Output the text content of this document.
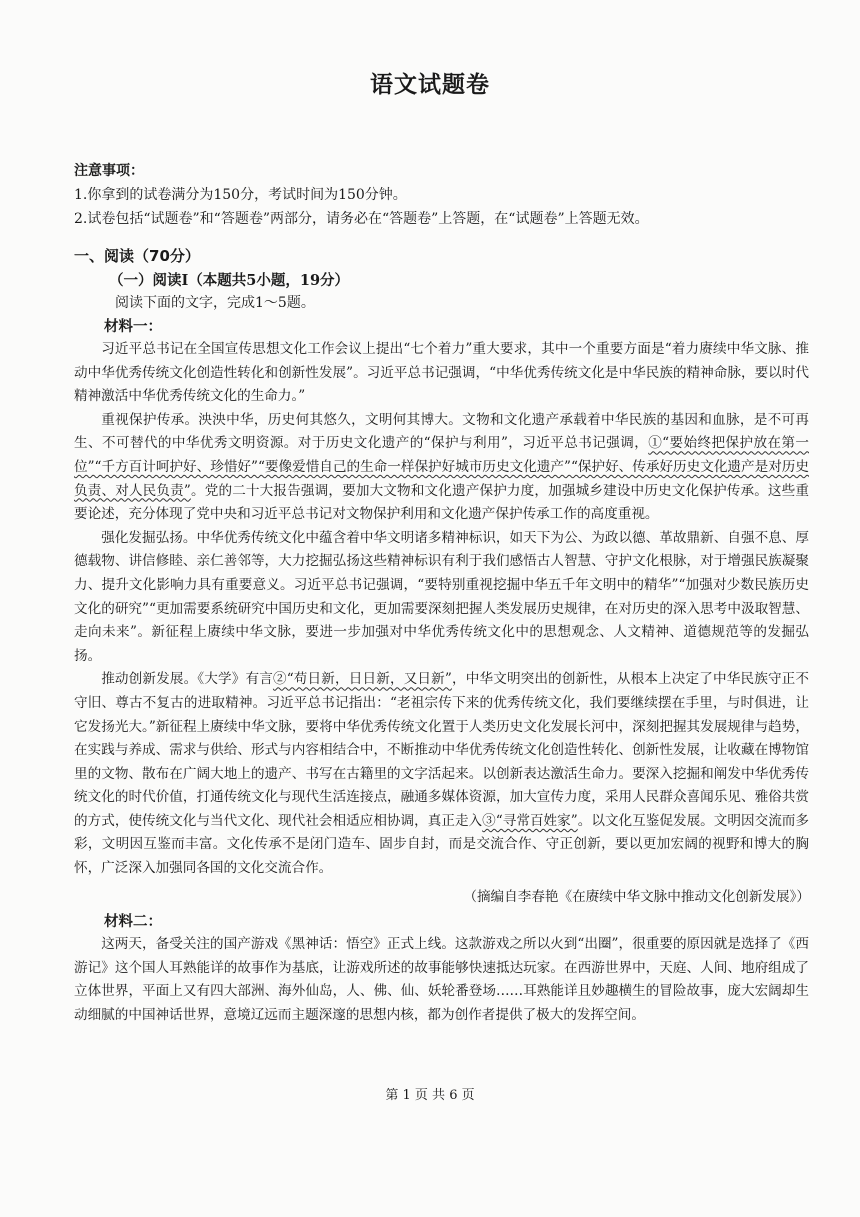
语文试题卷
注意事项：
1.你拿到的试卷满分为150分，考试时间为150分钟。
2.试卷包括“试题卷”和“答题卷”两部分，请务必在“答题卷”上答题，在“试题卷”上答题无效。
一、阅读（70分）
（一）阅读Ⅰ（本题共5小题，19分）
阅读下面的文字，完成1～5题。
材料一：

习近平总书记在全国宣传思想文化工作会议上提出“七个着力”重大要求，其中一个重要方面是“着力赓续中华文脉、推动中华优秀传统文化创造性转化和创新性发展”。习近平总书记强调，“中华优秀传统文化是中华民族的精神命脉，要以时代精神激活中华优秀传统文化的生命力。”

重视保护传承。泱泱中华，历史何其悠久，文明何其博大。文物和文化遗产承载着中华民族的基因和血脉，是不可再生、不可替代的中华优秀文明资源。对于历史文化遗产的“保护与利用”，习近平总书记强调，①“要始终把保护放在第一位”“千方百计呵护好、珍惜好”“要像爱惜自己的生命一样保护好城市历史文化遗产”“保护好、传承好历史文化遗产是对历史负责、对人民负责”。党的二十大报告强调，要加大文物和文化遗产保护力度，加强城乡建设中历史文化保护传承。这些重要论述，充分体现了党中央和习近平总书记对文物保护利用和文化遗产保护传承工作的高度重视。

强化发掘弘扬。中华优秀传统文化中蕴含着中华文明诸多精神标识，如天下为公、为政以德、革故鼎新、自强不息、厚德载物、讲信修睦、亲仁善邻等，大力挖掘弘扬这些精神标识有利于我们感悟古人智慧、守护文化根脉，对于增强民族凝聚力、提升文化影响力具有重要意义。习近平总书记强调，“要特别重视挖掘中华五千年文明中的精华”“加强对少数民族历史文化的研究”“更加需要系统研究中国历史和文化，更加需要深刻把握人类发展历史规律，在对历史的深入思考中汲取智慧、走向未来”。新征程上赓续中华文脉，要进一步加强对中华优秀传统文化中的思想观念、人文精神、道德规范等的发掘弘扬。

推动创新发展。《大学》有言②“苟日新，日日新，又日新”，中华文明突出的创新性，从根本上决定了中华民族守正不守旧、尊古不复古的进取精神。习近平总书记指出：“老祖宗传下来的优秀传统文化，我们要继续摆在手里，与时俱进，让它发扬光大。”新征程上赓续中华文脉，要将中华优秀传统文化置于人类历史文化发展长河中，深刻把握其发展规律与趋势，在实践与养成、需求与供给、形式与内容相结合中，不断推动中华优秀传统文化创造性转化、创新性发展，让收藏在博物馆里的文物、散布在广阔大地上的遗产、书写在古籍里的文字活起来。以创新表达激活生命力。要深入挖掘和阐发中华优秀传统文化的时代价值，打通传统文化与现代生活连接点，融通多媒体资源，加大宣传力度，采用人民群众喜闻乐见、雅俗共赏的方式，使传统文化与当代文化、现代社会相适应相协调，真正走入③“寻常百姓家”。以文化互鉴促发展。文明因交流而多彩，文明因互鉴而丰富。文化传承不是闭门造车、固步自封，而是交流合作、守正创新，要以更加宏阔的视野和博大的胸怀，广泛深入加强同各国的文化交流合作。

（摘编自李春艳《在赓续中华文脉中推动文化创新发展》）
材料二：

这两天，备受关注的国产游戏《黑神话：悟空》正式上线。这款游戏之所以火到“出圈”，很重要的原因就是选择了《西游记》这个国人耳熟能详的故事作为基底，让游戏所述的故事能够快速抵达玩家。在西游世界中，天庭、人间、地府组成了立体世界，平面上又有四大部洲、海外仙岛，人、佛、仙、妖轮番登场……耳熟能详且妙趣横生的冒险故事，庞大宏阔却生动细腻的中国神话世界，意境辽远而主题深邃的思想内核，都为创作者提供了极大的发挥空间。

第 1 页 共 6 页
